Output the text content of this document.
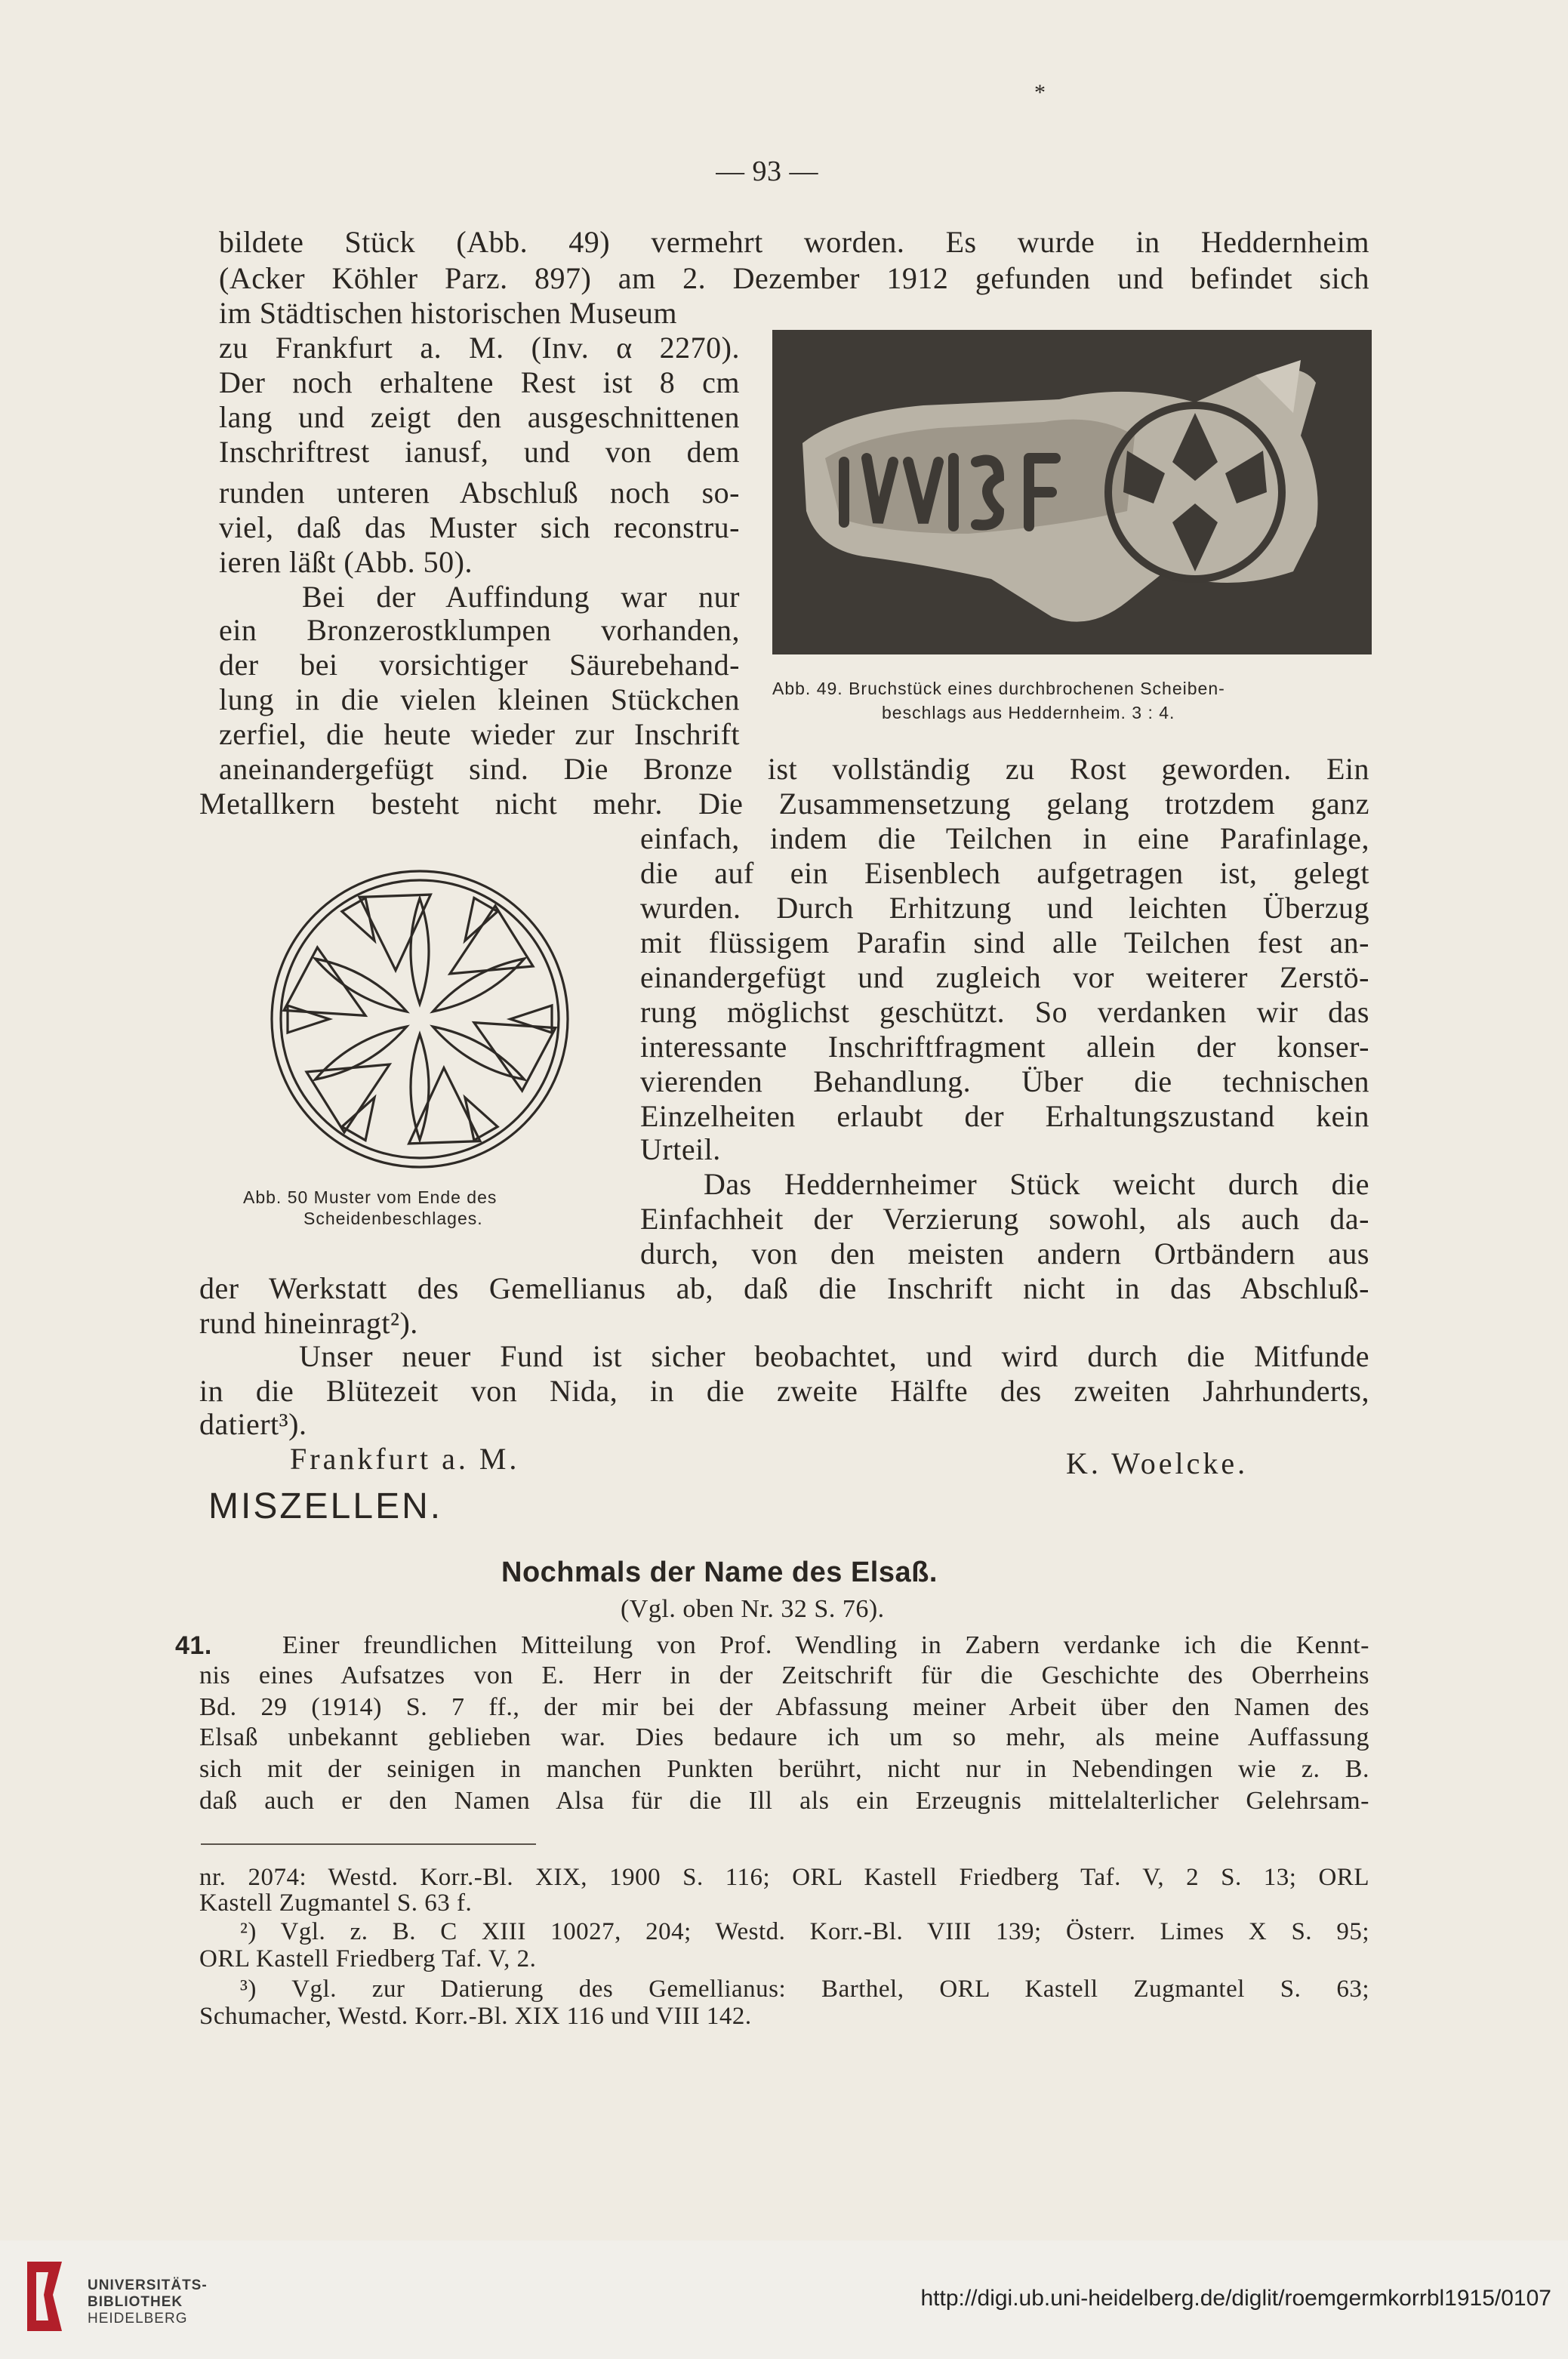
*
— 93 —
bildete Stück (Abb. 49) vermehrt worden. Es wurde in Heddernheim
(Acker Köhler Parz. 897) am 2. Dezember 1912 gefunden und befindet sich
im Städtischen historischen Museum
zu Frankfurt a. M. (Inv. α 2270).
Der noch erhaltene Rest ist 8 cm
lang und zeigt den ausgeschnittenen
Inschriftrest ianusf, und von dem
runden unteren Abschluß noch so-
viel, daß das Muster sich reconstru-
ieren läßt (Abb. 50).
Bei der Auffindung war nur
ein Bronzerostklumpen vorhanden,
der bei vorsichtiger Säurebehand-
lung in die vielen kleinen Stückchen
zerfiel, die heute wieder zur Inschrift
aneinandergefügt sind. Die Bronze ist vollständig zu Rost geworden. Ein
Metallkern besteht nicht mehr. Die Zusammensetzung gelang trotzdem ganz
einfach, indem die Teilchen in eine Parafinlage,
die auf ein Eisenblech aufgetragen ist, gelegt
wurden. Durch Erhitzung und leichten Überzug
mit flüssigem Parafin sind alle Teilchen fest an-
einandergefügt und zugleich vor weiterer Zerstö-
rung möglichst geschützt. So verdanken wir das
interessante Inschriftfragment allein der konser-
vierenden Behandlung. Über die technischen
Einzelheiten erlaubt der Erhaltungszustand kein
Urteil.
Das Heddernheimer Stück weicht durch die
Einfachheit der Verzierung sowohl, als auch da-
durch, von den meisten andern Ortbändern aus
der Werkstatt des Gemellianus ab, daß die Inschrift nicht in das Abschluß-
rund hineinragt²).
Unser neuer Fund ist sicher beobachtet, und wird durch die Mitfunde
in die Blütezeit von Nida, in die zweite Hälfte des zweiten Jahrhunderts,
datiert³).
Frankfurt a. M.	K. Woelcke.
Abb. 49. Bruchstück eines durchbrochenen Scheiben-
beschlags aus Heddernheim. 3 : 4.
Abb. 50 Muster vom Ende des
Scheidenbeschlages.
MISZELLEN.
Nochmals der Name des Elsaß.
(Vgl. oben Nr. 32 S. 76).
41.	Einer freundlichen Mitteilung von Prof. Wendling in Zabern verdanke ich die Kennt-
nis eines Aufsatzes von E. Herr in der Zeitschrift für die Geschichte des Oberrheins
Bd. 29 (1914) S. 7 ff., der mir bei der Abfassung meiner Arbeit über den Namen des
Elsaß unbekannt geblieben war. Dies bedaure ich um so mehr, als meine Auffassung
sich mit der seinigen in manchen Punkten berührt, nicht nur in Nebendingen wie z. B.
daß auch er den Namen Alsa für die Ill als ein Erzeugnis mittelalterlicher Gelehrsam-
nr. 2074: Westd. Korr.-Bl. XIX, 1900 S. 116; ORL Kastell Friedberg Taf. V, 2 S. 13; ORL
Kastell Zugmantel S. 63 f.
²) Vgl. z. B. C XIII 10027, 204; Westd. Korr.-Bl. VIII 139; Österr. Limes X S. 95;
ORL Kastell Friedberg Taf. V, 2.
³) Vgl. zur Datierung des Gemellianus: Barthel, ORL Kastell Zugmantel S. 63;
Schumacher, Westd. Korr.-Bl. XIX 116 und VIII 142.
UNIVERSITÄTS-
BIBLIOTHEK
HEIDELBERG
http://digi.ub.uni-heidelberg.de/diglit/roemgermkorrbl1915/0107
